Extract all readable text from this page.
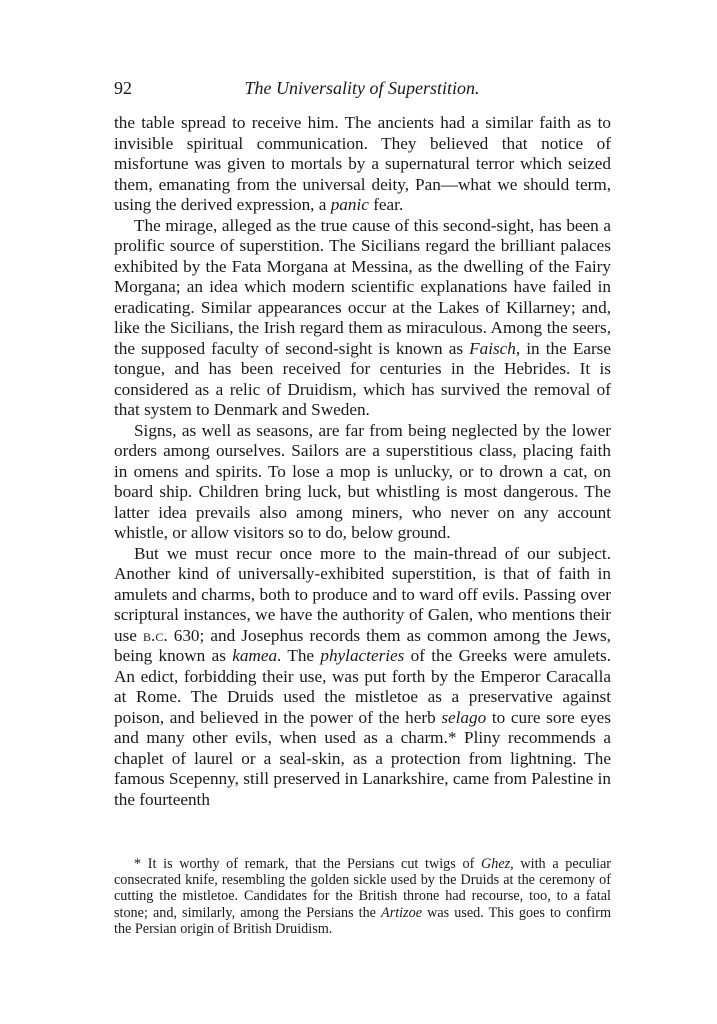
92	The Universality of Superstition.

the table spread to receive him. The ancients had a similar faith as to invisible spiritual communication. They believed that notice of misfortune was given to mortals by a supernatural terror which seized them, emanating from the universal deity, Pan—what we should term, using the derived expression, a panic fear.

The mirage, alleged as the true cause of this second-sight, has been a prolific source of superstition. The Sicilians regard the brilliant palaces exhibited by the Fata Morgana at Messina, as the dwelling of the Fairy Morgana; an idea which modern scientific explanations have failed in eradicating. Similar appearances occur at the Lakes of Killarney; and, like the Sicilians, the Irish regard them as miraculous. Among the seers, the supposed faculty of second-sight is known as Faisch, in the Earse tongue, and has been received for centuries in the Hebrides. It is considered as a relic of Druidism, which has survived the removal of that system to Denmark and Sweden.

Signs, as well as seasons, are far from being neglected by the lower orders among ourselves. Sailors are a superstitious class, placing faith in omens and spirits. To lose a mop is unlucky, or to drown a cat, on board ship. Children bring luck, but whistling is most dangerous. The latter idea prevails also among miners, who never on any account whistle, or allow visitors so to do, below ground.

But we must recur once more to the main-thread of our subject. Another kind of universally-exhibited superstition, is that of faith in amulets and charms, both to produce and to ward off evils. Passing over scriptural instances, we have the authority of Galen, who mentions their use b.c. 630; and Josephus records them as common among the Jews, being known as kamea. The phylacteries of the Greeks were amulets. An edict, forbidding their use, was put forth by the Emperor Caracalla at Rome. The Druids used the mistletoe as a preservative against poison, and believed in the power of the herb selago to cure sore eyes and many other evils, when used as a charm.* Pliny recommends a chaplet of laurel or a seal-skin, as a protection from lightning. The famous Scepenny, still preserved in Lanarkshire, came from Palestine in the fourteenth

* It is worthy of remark, that the Persians cut twigs of Ghez, with a peculiar consecrated knife, resembling the golden sickle used by the Druids at the ceremony of cutting the mistletoe. Candidates for the British throne had recourse, too, to a fatal stone; and, similarly, among the Persians the Artizoe was used. This goes to confirm the Persian origin of British Druidism.
